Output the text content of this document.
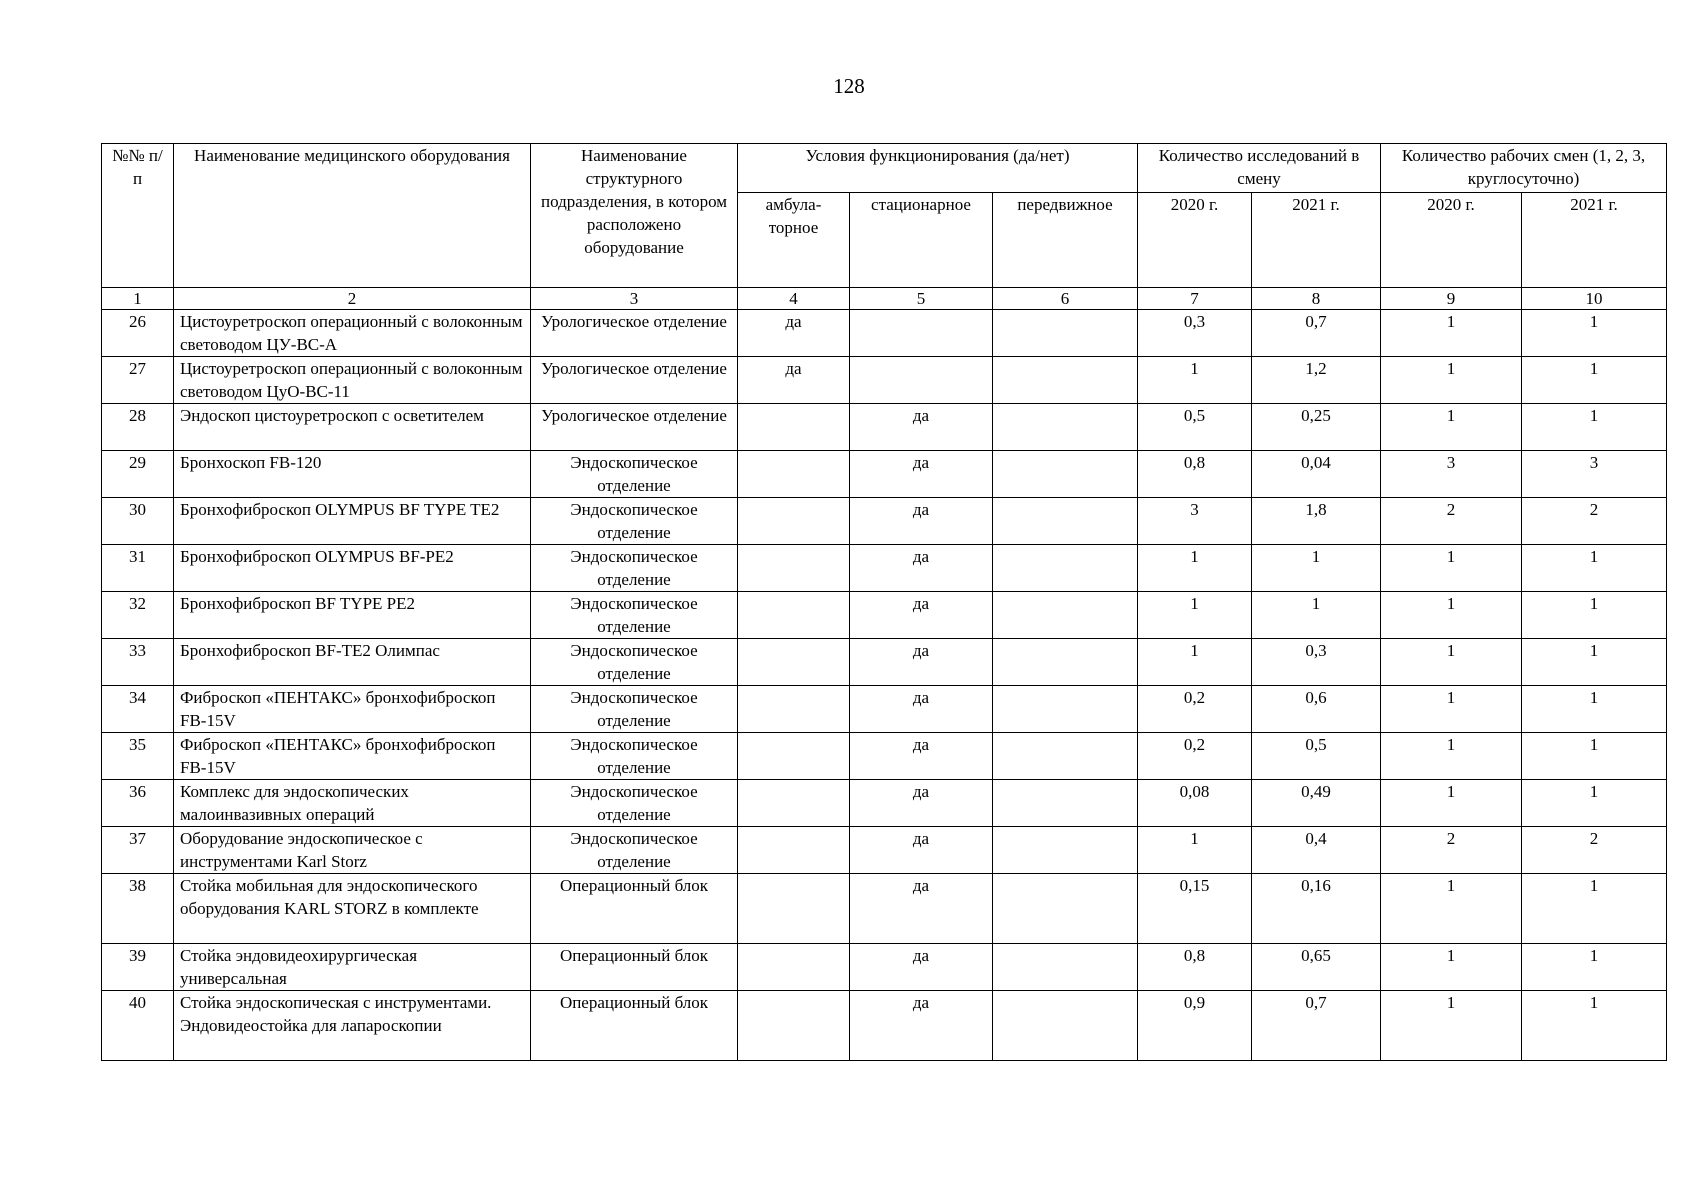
128
№№ п/п	Наименование медицинского оборудования	Наименование структурного подразделения, в котором расположено оборудование	Условия функционирования (да/нет)			Количество исследований в смену		Количество рабочих смен (1, 2, 3, круглосуточно)	
			амбула-торное	стационарное	передвижное	2020 г.	2021 г.	2020 г.	2021 г.
1	2	3	4	5	6	7	8	9	10
26	Цистоуретроскоп операционный с волоконным световодом ЦУ-ВС-А	Урологическое отделение	да			0,3	0,7	1	1
27	Цистоуретроскоп операционный с волоконным световодом ЦуО-ВС-11	Урологическое отделение	да			1	1,2	1	1
28	Эндоскоп цистоуретроскоп с осветителем	Урологическое отделение		да		0,5	0,25	1	1
29	Бронхоскоп FB-120	Эндоскопическое отделение		да		0,8	0,04	3	3
30	Бронхофиброскоп OLYMPUS BF TYPE TE2	Эндоскопическое отделение		да		3	1,8	2	2
31	Бронхофиброскоп OLYMPUS BF-PE2	Эндоскопическое отделение		да		1	1	1	1
32	Бронхофиброскоп BF TYPE PE2	Эндоскопическое отделение		да		1	1	1	1
33	Бронхофиброскоп BF-TE2 Олимпас	Эндоскопическое отделение		да		1	0,3	1	1
34	Фиброскоп «ПЕНТАКС» бронхофиброскоп FB-15V	Эндоскопическое отделение		да		0,2	0,6	1	1
35	Фиброскоп «ПЕНТАКС» бронхофиброскоп FB-15V	Эндоскопическое отделение		да		0,2	0,5	1	1
36	Комплекс для эндоскопических малоинвазивных операций	Эндоскопическое отделение		да		0,08	0,49	1	1
37	Оборудование эндоскопическое с инструментами Karl Storz	Эндоскопическое отделение		да		1	0,4	2	2
38	Стойка мобильная для эндоскопического оборудования KARL STORZ в комплекте	Операционный блок		да		0,15	0,16	1	1
39	Стойка эндовидеохирургическая универсальная	Операционный блок		да		0,8	0,65	1	1
40	Стойка эндоскопическая с инструментами. Эндовидеостойка для лапароскопии	Операционный блок		да		0,9	0,7	1	1
